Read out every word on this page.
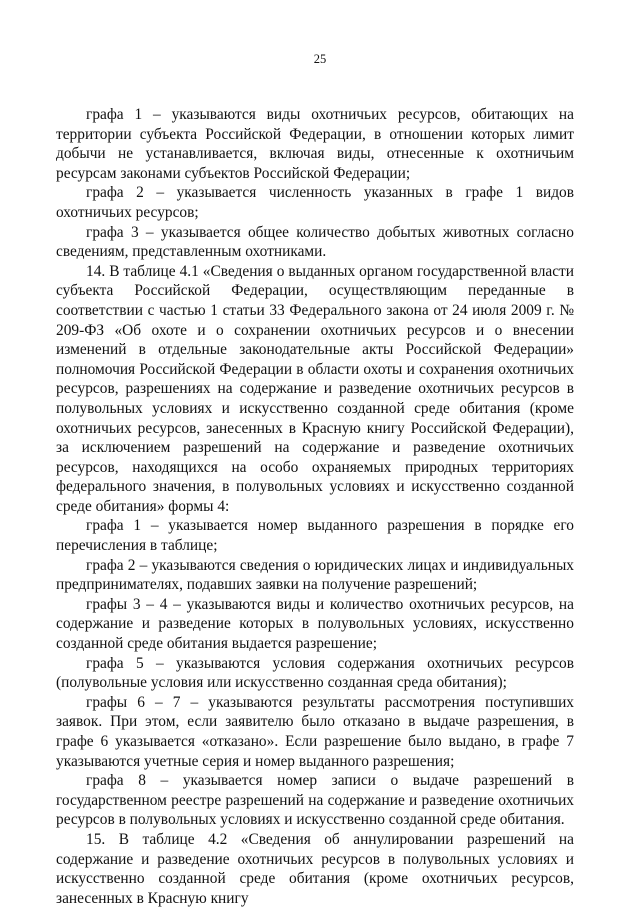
25

графа 1 – указываются виды охотничьих ресурсов, обитающих на территории субъекта Российской Федерации, в отношении которых лимит добычи не устанавливается, включая виды, отнесенные к охотничьим ресурсам законами субъектов Российской Федерации;

графа 2 – указывается численность указанных в графе 1 видов охотничьих ресурсов;

графа 3 – указывается общее количество добытых животных согласно сведениям, представленным охотниками.

14. В таблице 4.1 «Сведения о выданных органом государственной власти субъекта Российской Федерации, осуществляющим переданные в соответствии с частью 1 статьи 33 Федерального закона от 24 июля 2009 г. № 209-ФЗ «Об охоте и о сохранении охотничьих ресурсов и о внесении изменений в отдельные законодательные акты Российской Федерации» полномочия Российской Федерации в области охоты и сохранения охотничьих ресурсов, разрешениях на содержание и разведение охотничьих ресурсов в полувольных условиях и искусственно созданной среде обитания (кроме охотничьих ресурсов, занесенных в Красную книгу Российской Федерации), за исключением разрешений на содержание и разведение охотничьих ресурсов, находящихся на особо охраняемых природных территориях федерального значения, в полувольных условиях и искусственно созданной среде обитания» формы 4:

графа 1 – указывается номер выданного разрешения в порядке его перечисления в таблице;

графа 2 – указываются сведения о юридических лицах и индивидуальных предпринимателях, подавших заявки на получение разрешений;

графы 3 – 4 – указываются виды и количество охотничьих ресурсов, на содержание и разведение которых в полувольных условиях, искусственно созданной среде обитания выдается разрешение;

графа 5 – указываются условия содержания охотничьих ресурсов (полувольные условия или искусственно созданная среда обитания);

графы 6 – 7 – указываются результаты рассмотрения поступивших заявок. При этом, если заявителю было отказано в выдаче разрешения, в графе 6 указывается «отказано». Если разрешение было выдано, в графе 7 указываются учетные серия и номер выданного разрешения;

графа 8 – указывается номер записи о выдаче разрешений в государственном реестре разрешений на содержание и разведение охотничьих ресурсов в полувольных условиях и искусственно созданной среде обитания.

15. В таблице 4.2 «Сведения об аннулировании разрешений на содержание и разведение охотничьих ресурсов в полувольных условиях и искусственно созданной среде обитания (кроме охотничьих ресурсов, занесенных в Красную книгу
